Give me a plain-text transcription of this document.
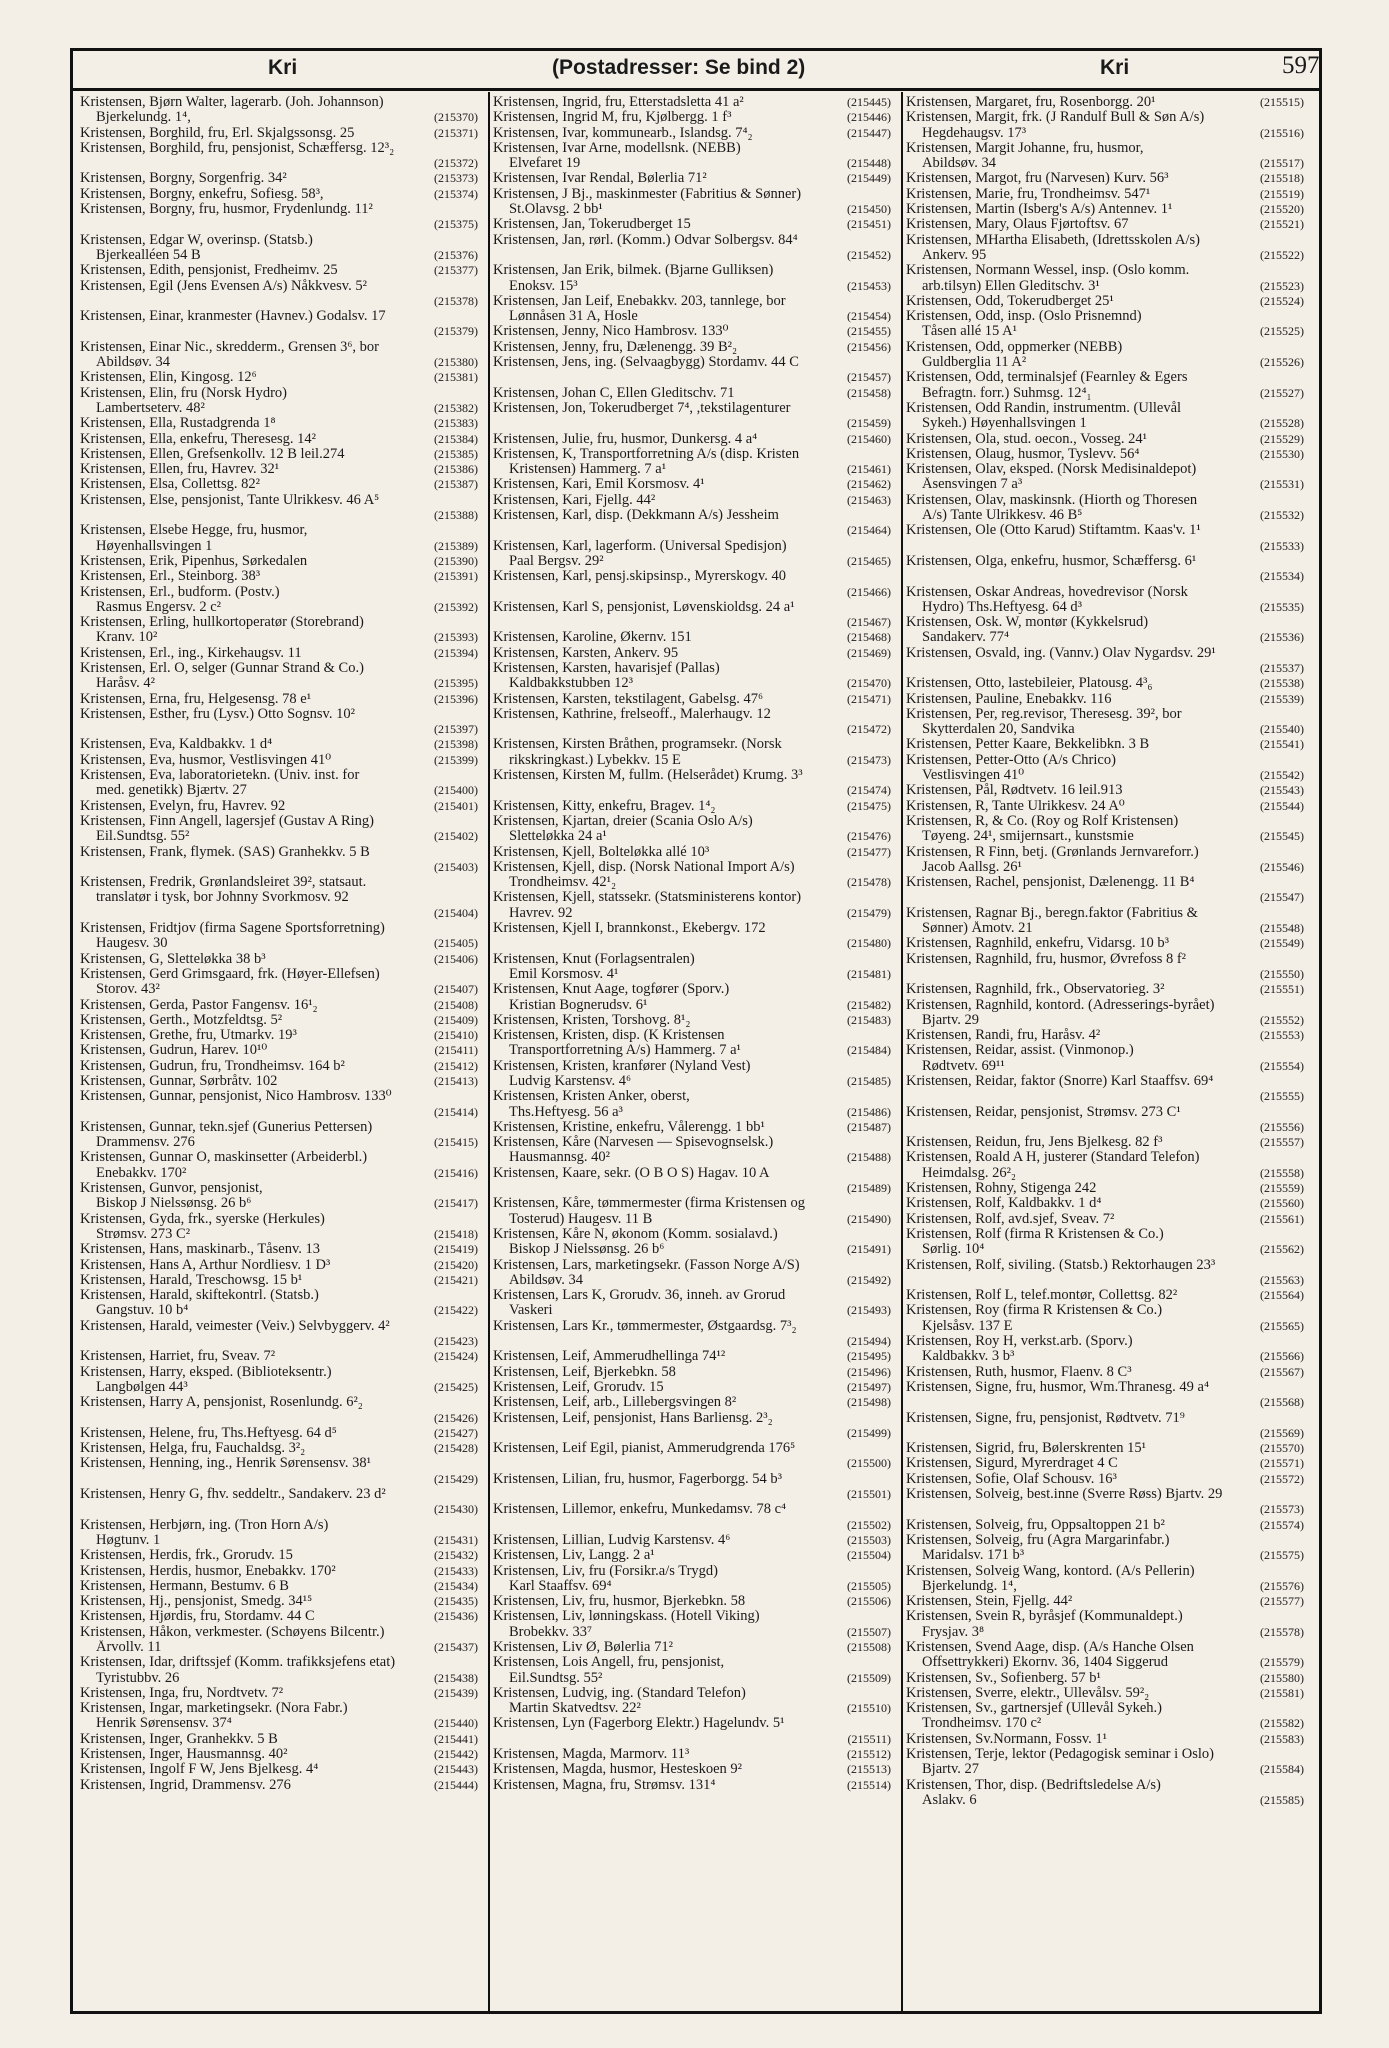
Kri	(Postadresser: Se bind 2)	Kri	597
Kristensen, Bjørn Walter, lagerarb. (Joh. Johannson)
Bjerkelundg. 1⁴,	(215370)
Kristensen, Borghild, fru, Erl. Skjalgssonsg. 25	(215371)
Kristensen, Borghild, fru, pensjonist, Schæffersg. 12³₂
(215372)
Kristensen, Borgny, Sorgenfrig. 34²	(215373)
Kristensen, Borgny, enkefru, Sofiesg. 58³,	(215374)
Kristensen, Borgny, fru, husmor, Frydenlundg. 11²
(215375)
Kristensen, Edgar W, overinsp. (Statsb.)
Bjerkealléen 54 B	(215376)
Kristensen, Edith, pensjonist, Fredheimv. 25	(215377)
Kristensen, Egil (Jens Evensen A/s) Nåkkvesv. 5²
(215378)
Kristensen, Einar, kranmester (Havnev.) Godalsv. 17
(215379)
Kristensen, Einar Nic., skredderm., Grensen 3⁶, bor
Abildsøv. 34	(215380)
Kristensen, Elin, Kingosg. 12⁶	(215381)
Kristensen, Elin, fru (Norsk Hydro)
Lambertseterv. 48²	(215382)
Kristensen, Ella, Rustadgrenda 1⁸	(215383)
Kristensen, Ella, enkefru, Theresesg. 14²	(215384)
Kristensen, Ellen, Grefsenkollv. 12 B leil.274	(215385)
Kristensen, Ellen, fru, Havrev. 32¹	(215386)
Kristensen, Elsa, Collettsg. 82²	(215387)
Kristensen, Else, pensjonist, Tante Ulrikkesv. 46 A⁵
(215388)
Kristensen, Elsebe Hegge, fru, husmor,
Høyenhallsvingen 1	(215389)
Kristensen, Erik, Pipenhus, Sørkedalen	(215390)
Kristensen, Erl., Steinborg. 38³	(215391)
Kristensen, Erl., budform. (Postv.)
Rasmus Engersv. 2 c²	(215392)
Kristensen, Erling, hullkortoperatør (Storebrand)
Kranv. 10²	(215393)
Kristensen, Erl., ing., Kirkehaugsv. 11	(215394)
Kristensen, Erl. O, selger (Gunnar Strand & Co.)
Haråsv. 4²	(215395)
Kristensen, Erna, fru, Helgesensg. 78 e¹	(215396)
Kristensen, Esther, fru (Lysv.) Otto Sognsv. 10²
(215397)
Kristensen, Eva, Kaldbakkv. 1 d⁴	(215398)
Kristensen, Eva, husmor, Vestlisvingen 41⁰	(215399)
Kristensen, Eva, laboratorietekn. (Univ. inst. for
med. genetikk) Bjærtv. 27	(215400)
Kristensen, Evelyn, fru, Havrev. 92	(215401)
Kristensen, Finn Angell, lagersjef (Gustav A Ring)
Eil.Sundtsg. 55²	(215402)
Kristensen, Frank, flymek. (SAS) Granhekkv. 5 B
(215403)
Kristensen, Fredrik, Grønlandsleiret 39², statsaut.
translatør i tysk, bor Johnny Svorkmosv. 92
(215404)
Kristensen, Fridtjov (firma Sagene Sportsforretning)
Haugesv. 30	(215405)
Kristensen, G, Sletteløkka 38 b³	(215406)
Kristensen, Gerd Grimsgaard, frk. (Høyer-Ellefsen)
Storov. 43²	(215407)
Kristensen, Gerda, Pastor Fangensv. 16¹₂	(215408)
Kristensen, Gerth., Motzfeldtsg. 5²	(215409)
Kristensen, Grethe, fru, Utmarkv. 19³	(215410)
Kristensen, Gudrun, Harev. 10¹⁰	(215411)
Kristensen, Gudrun, fru, Trondheimsv. 164 b²	(215412)
Kristensen, Gunnar, Sørbråtv. 102	(215413)
Kristensen, Gunnar, pensjonist, Nico Hambrosv. 133⁰
(215414)
Kristensen, Gunnar, tekn.sjef (Gunerius Pettersen)
Drammensv. 276	(215415)
Kristensen, Gunnar O, maskinsetter (Arbeiderbl.)
Enebakkv. 170²	(215416)
Kristensen, Gunvor, pensjonist,
Biskop J Nielssønsg. 26 b⁶	(215417)
Kristensen, Gyda, frk., syerske (Herkules)
Strømsv. 273 C²	(215418)
Kristensen, Hans, maskinarb., Tåsenv. 13	(215419)
Kristensen, Hans A, Arthur Nordliesv. 1 D³	(215420)
Kristensen, Harald, Treschowsg. 15 b¹	(215421)
Kristensen, Harald, skiftekontrl. (Statsb.)
Gangstuv. 10 b⁴	(215422)
Kristensen, Harald, veimester (Veiv.) Selvbyggerv. 4²
(215423)
Kristensen, Harriet, fru, Sveav. 7²	(215424)
Kristensen, Harry, eksped. (Biblioteksentr.)
Langbølgen 44³	(215425)
Kristensen, Harry A, pensjonist, Rosenlundg. 6²₂
(215426)
Kristensen, Helene, fru, Ths.Heftyesg. 64 d⁵	(215427)
Kristensen, Helga, fru, Fauchaldsg. 3²₂	(215428)
Kristensen, Henning, ing., Henrik Sørensensv. 38¹
(215429)
Kristensen, Henry G, fhv. seddeltr., Sandakerv. 23 d²
(215430)
Kristensen, Herbjørn, ing. (Tron Horn A/s)
Høgtunv. 1	(215431)
Kristensen, Herdis, frk., Grorudv. 15	(215432)
Kristensen, Herdis, husmor, Enebakkv. 170²	(215433)
Kristensen, Hermann, Bestumv. 6 B	(215434)
Kristensen, Hj., pensjonist, Smedg. 34¹⁵	(215435)
Kristensen, Hjørdis, fru, Stordamv. 44 C	(215436)
Kristensen, Håkon, verkmester. (Schøyens Bilcentr.)
Årvollv. 11	(215437)
Kristensen, Idar, driftssjef (Komm. trafikksjefens etat)
Tyristubbv. 26	(215438)
Kristensen, Inga, fru, Nordtvetv. 7²	(215439)
Kristensen, Ingar, marketingsekr. (Nora Fabr.)
Henrik Sørensensv. 37⁴	(215440)
Kristensen, Inger, Granhekkv. 5 B	(215441)
Kristensen, Inger, Hausmannsg. 40²	(215442)
Kristensen, Ingolf F W, Jens Bjelkesg. 4⁴	(215443)
Kristensen, Ingrid, Drammensv. 276	(215444)
Kristensen, Ingrid, fru, Etterstadsletta 41 a²	(215445)
Kristensen, Ingrid M, fru, Kjølbergg. 1 f³	(215446)
Kristensen, Ivar, kommunearb., Islandsg. 7⁴₂	(215447)
Kristensen, Ivar Arne, modellsnk. (NEBB)
Elvefaret 19	(215448)
Kristensen, Ivar Rendal, Bølerlia 71²	(215449)
Kristensen, J Bj., maskinmester (Fabritius & Sønner)
St.Olavsg. 2 bb¹	(215450)
Kristensen, Jan, Tokerudberget 15	(215451)
Kristensen, Jan, rørl. (Komm.) Odvar Solbergsv. 84⁴
(215452)
Kristensen, Jan Erik, bilmek. (Bjarne Gulliksen)
Enoksv. 15³	(215453)
Kristensen, Jan Leif, Enebakkv. 203, tannlege, bor
Lønnåsen 31 A, Hosle	(215454)
Kristensen, Jenny, Nico Hambrosv. 133⁰	(215455)
Kristensen, Jenny, fru, Dælenengg. 39 B²₂	(215456)
Kristensen, Jens, ing. (Selvaagbygg) Stordamv. 44 C
(215457)
Kristensen, Johan C, Ellen Gleditschv. 71	(215458)
Kristensen, Jon, Tokerudberget 7⁴, ,tekstilagenturer
(215459)
Kristensen, Julie, fru, husmor, Dunkersg. 4 a⁴	(215460)
Kristensen, K, Transportforretning A/s (disp. Kristen
Kristensen) Hammerg. 7 a¹	(215461)
Kristensen, Kari, Emil Korsmosv. 4¹	(215462)
Kristensen, Kari, Fjellg. 44²	(215463)
Kristensen, Karl, disp. (Dekkmann A/s) Jessheim
(215464)
Kristensen, Karl, lagerform. (Universal Spedisjon)
Paal Bergsv. 29²	(215465)
Kristensen, Karl, pensj.skipsinsp., Myrerskogv. 40
(215466)
Kristensen, Karl S, pensjonist, Løvenskioldsg. 24 a¹
(215467)
Kristensen, Karoline, Økernv. 151	(215468)
Kristensen, Karsten, Ankerv. 95	(215469)
Kristensen, Karsten, havarisjef (Pallas)
Kaldbakkstubben 12³	(215470)
Kristensen, Karsten, tekstilagent, Gabelsg. 47⁶	(215471)
Kristensen, Kathrine, frelseoff., Malerhaugv. 12
(215472)
Kristensen, Kirsten Bråthen, programsekr. (Norsk
rikskringkast.) Lybekkv. 15 E	(215473)
Kristensen, Kirsten M, fullm. (Helserådet) Krumg. 3³
(215474)
Kristensen, Kitty, enkefru, Bragev. 1⁴₂	(215475)
Kristensen, Kjartan, dreier (Scania Oslo A/s)
Sletteløkka 24 a¹	(215476)
Kristensen, Kjell, Bolteløkka allé 10³	(215477)
Kristensen, Kjell, disp. (Norsk National Import A/s)
Trondheimsv. 42¹₂	(215478)
Kristensen, Kjell, statssekr. (Statsministerens kontor)
Havrev. 92	(215479)
Kristensen, Kjell I, brannkonst., Ekebergv. 172
(215480)
Kristensen, Knut (Forlagsentralen)
Emil Korsmosv. 4¹	(215481)
Kristensen, Knut Aage, togfører (Sporv.)
Kristian Bognerudsv. 6¹	(215482)
Kristensen, Kristen, Torshovg. 8¹₂	(215483)
Kristensen, Kristen, disp. (K Kristensen
Transportforretning A/s) Hammerg. 7 a¹	(215484)
Kristensen, Kristen, kranfører (Nyland Vest)
Ludvig Karstensv. 4⁶	(215485)
Kristensen, Kristen Anker, oberst,
Ths.Heftyesg. 56 a³	(215486)
Kristensen, Kristine, enkefru, Vålerengg. 1 bb¹	(215487)
Kristensen, Kåre (Narvesen — Spisevognselsk.)
Hausmannsg. 40²	(215488)
Kristensen, Kaare, sekr. (O B O S) Hagav. 10 A
(215489)
Kristensen, Kåre, tømmermester (firma Kristensen og
Tosterud) Haugesv. 11 B	(215490)
Kristensen, Kåre N, økonom (Komm. sosialavd.)
Biskop J Nielssønsg. 26 b⁶	(215491)
Kristensen, Lars, marketingsekr. (Fasson Norge A/S)
Abildsøv. 34	(215492)
Kristensen, Lars K, Grorudv. 36, inneh. av Grorud
Vaskeri	(215493)
Kristensen, Lars Kr., tømmermester, Østgaardsg. 7³₂
(215494)
Kristensen, Leif, Ammerudhellinga 74¹²	(215495)
Kristensen, Leif, Bjerkebkn. 58	(215496)
Kristensen, Leif, Grorudv. 15	(215497)
Kristensen, Leif, arb., Lillebergsvingen 8²	(215498)
Kristensen, Leif, pensjonist, Hans Barliensg. 2³₂
(215499)
Kristensen, Leif Egil, pianist, Ammerudgrenda 176⁵
(215500)
Kristensen, Lilian, fru, husmor, Fagerborgg. 54 b³
(215501)
Kristensen, Lillemor, enkefru, Munkedamsv. 78 c⁴
(215502)
Kristensen, Lillian, Ludvig Karstensv. 4⁶	(215503)
Kristensen, Liv, Langg. 2 a¹	(215504)
Kristensen, Liv, fru (Forsikr.a/s Trygd)
Karl Staaffsv. 69⁴	(215505)
Kristensen, Liv, fru, husmor, Bjerkebkn. 58	(215506)
Kristensen, Liv, lønningskass. (Hotell Viking)
Brobekkv. 33⁷	(215507)
Kristensen, Liv Ø, Bølerlia 71²	(215508)
Kristensen, Lois Angell, fru, pensjonist,
Eil.Sundtsg. 55²	(215509)
Kristensen, Ludvig, ing. (Standard Telefon)
Martin Skatvedtsv. 22²	(215510)
Kristensen, Lyn (Fagerborg Elektr.) Hagelundv. 5¹
(215511)
Kristensen, Magda, Marmorv. 11³	(215512)
Kristensen, Magda, husmor, Hesteskoen 9²	(215513)
Kristensen, Magna, fru, Strømsv. 131⁴	(215514)
Kristensen, Margaret, fru, Rosenborgg. 20¹	(215515)
Kristensen, Margit, frk. (J Randulf Bull & Søn A/s)
Hegdehaugsv. 17³	(215516)
Kristensen, Margit Johanne, fru, husmor,
Abildsøv. 34	(215517)
Kristensen, Margot, fru (Narvesen) Kurv. 56³	(215518)
Kristensen, Marie, fru, Trondheimsv. 547¹	(215519)
Kristensen, Martin (Isberg's A/s) Antennev. 1¹	(215520)
Kristensen, Mary, Olaus Fjørtoftsv. 67	(215521)
Kristensen, MHartha Elisabeth, (Idrettsskolen A/s)
Ankerv. 95	(215522)
Kristensen, Normann Wessel, insp. (Oslo komm.
arb.tilsyn) Ellen Gleditschv. 3¹	(215523)
Kristensen, Odd, Tokerudberget 25¹	(215524)
Kristensen, Odd, insp. (Oslo Prisnemnd)
Tåsen allé 15 A¹	(215525)
Kristensen, Odd, oppmerker (NEBB)
Guldberglia 11 A²	(215526)
Kristensen, Odd, terminalsjef (Fearnley & Egers
Befragtn. forr.) Suhmsg. 12⁴₁	(215527)
Kristensen, Odd Randin, instrumentm. (Ullevål
Sykeh.) Høyenhallsvingen 1	(215528)
Kristensen, Ola, stud. oecon., Vosseg. 24¹	(215529)
Kristensen, Olaug, husmor, Tyslevv. 56⁴	(215530)
Kristensen, Olav, eksped. (Norsk Medisinaldepot)
Åsensvingen 7 a³	(215531)
Kristensen, Olav, maskinsnk. (Hiorth og Thoresen
A/s) Tante Ulrikkesv. 46 B⁵	(215532)
Kristensen, Ole (Otto Karud) Stiftamtm. Kaas'v. 1¹
(215533)
Kristensen, Olga, enkefru, husmor, Schæffersg. 6¹
(215534)
Kristensen, Oskar Andreas, hovedrevisor (Norsk
Hydro) Ths.Heftyesg. 64 d³	(215535)
Kristensen, Osk. W, montør (Kykkelsrud)
Sandakerv. 77⁴	(215536)
Kristensen, Osvald, ing. (Vannv.) Olav Nygardsv. 29¹
(215537)
Kristensen, Otto, lastebileier, Platousg. 4³₆	(215538)
Kristensen, Pauline, Enebakkv. 116	(215539)
Kristensen, Per, reg.revisor, Theresesg. 39², bor
Skytterdalen 20, Sandvika	(215540)
Kristensen, Petter Kaare, Bekkelibkn. 3 B	(215541)
Kristensen, Petter-Otto (A/s Chrico)
Vestlisvingen 41⁰	(215542)
Kristensen, Pål, Rødtvetv. 16 leil.913	(215543)
Kristensen, R, Tante Ulrikkesv. 24 A⁰	(215544)
Kristensen, R, & Co. (Roy og Rolf Kristensen)
Tøyeng. 24¹, smijernsart., kunstsmie	(215545)
Kristensen, R Finn, betj. (Grønlands Jernvareforr.)
Jacob Aallsg. 26¹	(215546)
Kristensen, Rachel, pensjonist, Dælenengg. 11 B⁴
(215547)
Kristensen, Ragnar Bj., beregn.faktor (Fabritius &
Sønner) Åmotv. 21	(215548)
Kristensen, Ragnhild, enkefru, Vidarsg. 10 b³	(215549)
Kristensen, Ragnhild, fru, husmor, Øvrefoss 8 f²
(215550)
Kristensen, Ragnhild, frk., Observatorieg. 3²	(215551)
Kristensen, Ragnhild, kontord. (Adresserings-byrået)
Bjartv. 29	(215552)
Kristensen, Randi, fru, Haråsv. 4²	(215553)
Kristensen, Reidar, assist. (Vinmonop.)
Rødtvetv. 69¹¹	(215554)
Kristensen, Reidar, faktor (Snorre) Karl Staaffsv. 69⁴
(215555)
Kristensen, Reidar, pensjonist, Strømsv. 273 C¹
(215556)
Kristensen, Reidun, fru, Jens Bjelkesg. 82 f³	(215557)
Kristensen, Roald A H, justerer (Standard Telefon)
Heimdalsg. 26²₂	(215558)
Kristensen, Rohny, Stigenga 242	(215559)
Kristensen, Rolf, Kaldbakkv. 1 d⁴	(215560)
Kristensen, Rolf, avd.sjef, Sveav. 7²	(215561)
Kristensen, Rolf (firma R Kristensen & Co.)
Sørlig. 10⁴	(215562)
Kristensen, Rolf, siviling. (Statsb.) Rektorhaugen 23³
(215563)
Kristensen, Rolf L, telef.montør, Collettsg. 82²	(215564)
Kristensen, Roy (firma R Kristensen & Co.)
Kjelsåsv. 137 E	(215565)
Kristensen, Roy H, verkst.arb. (Sporv.)
Kaldbakkv. 3 b³	(215566)
Kristensen, Ruth, husmor, Flaenv. 8 C³	(215567)
Kristensen, Signe, fru, husmor, Wm.Thranesg. 49 a⁴
(215568)
Kristensen, Signe, fru, pensjonist, Rødtvetv. 71⁹
(215569)
Kristensen, Sigrid, fru, Bølerskrenten 15¹	(215570)
Kristensen, Sigurd, Myrerdraget 4 C	(215571)
Kristensen, Sofie, Olaf Schousv. 16³	(215572)
Kristensen, Solveig, best.inne (Sverre Røss) Bjartv. 29
(215573)
Kristensen, Solveig, fru, Oppsaltoppen 21 b²	(215574)
Kristensen, Solveig, fru (Agra Margarinfabr.)
Maridalsv. 171 b³	(215575)
Kristensen, Solveig Wang, kontord. (A/s Pellerin)
Bjerkelundg. 1⁴,	(215576)
Kristensen, Stein, Fjellg. 44²	(215577)
Kristensen, Svein R, byråsjef (Kommunaldept.)
Frysjav. 3⁸	(215578)
Kristensen, Svend Aage, disp. (A/s Hanche Olsen
Offsettrykkeri) Ekornv. 36, 1404 Siggerud	(215579)
Kristensen, Sv., Sofienberg. 57 b¹	(215580)
Kristensen, Sverre, elektr., Ullevålsv. 59²₂	(215581)
Kristensen, Sv., gartnersjef (Ullevål Sykeh.)
Trondheimsv. 170 c²	(215582)
Kristensen, Sv.Normann, Fossv. 1¹	(215583)
Kristensen, Terje, lektor (Pedagogisk seminar i Oslo)
Bjartv. 27	(215584)
Kristensen, Thor, disp. (Bedriftsledelse A/s)
Aslakv. 6	(215585)
